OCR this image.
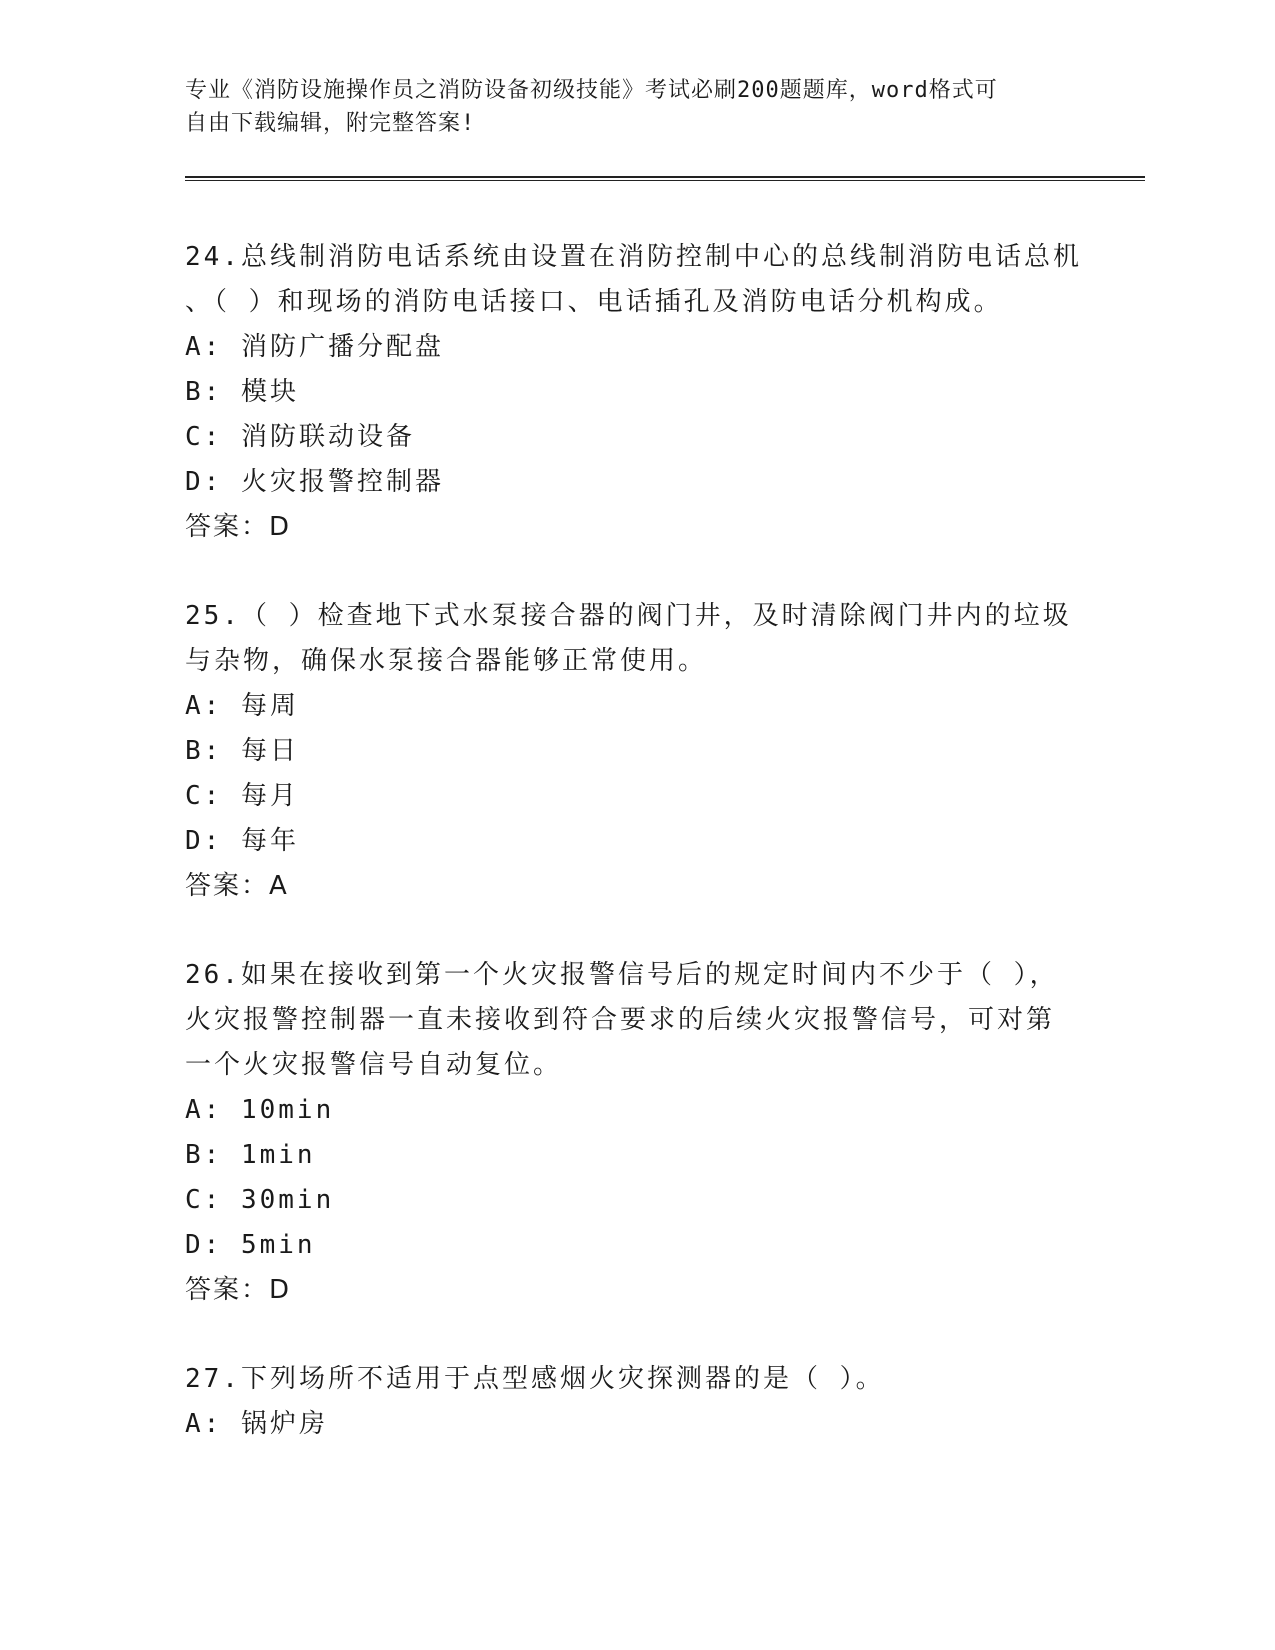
专业《消防设施操作员之消防设备初级技能》考试必刷200题题库，word格式可
自由下载编辑，附完整答案!
24.总线制消防电话系统由设置在消防控制中心的总线制消防电话总机
、（ ）和现场的消防电话接口、电话插孔及消防电话分机构成。
A: 消防广播分配盘
B: 模块
C: 消防联动设备
D: 火灾报警控制器
答案：D
25.（ ）检查地下式水泵接合器的阀门井，及时清除阀门井内的垃圾
与杂物，确保水泵接合器能够正常使用。
A: 每周
B: 每日
C: 每月
D: 每年
答案：A
26.如果在接收到第一个火灾报警信号后的规定时间内不少于（ ），
火灾报警控制器一直未接收到符合要求的后续火灾报警信号，可对第
一个火灾报警信号自动复位。
A: 10min
B: 1min
C: 30min
D: 5min
答案：D
27.下列场所不适用于点型感烟火灾探测器的是（ ）。
A: 锅炉房
